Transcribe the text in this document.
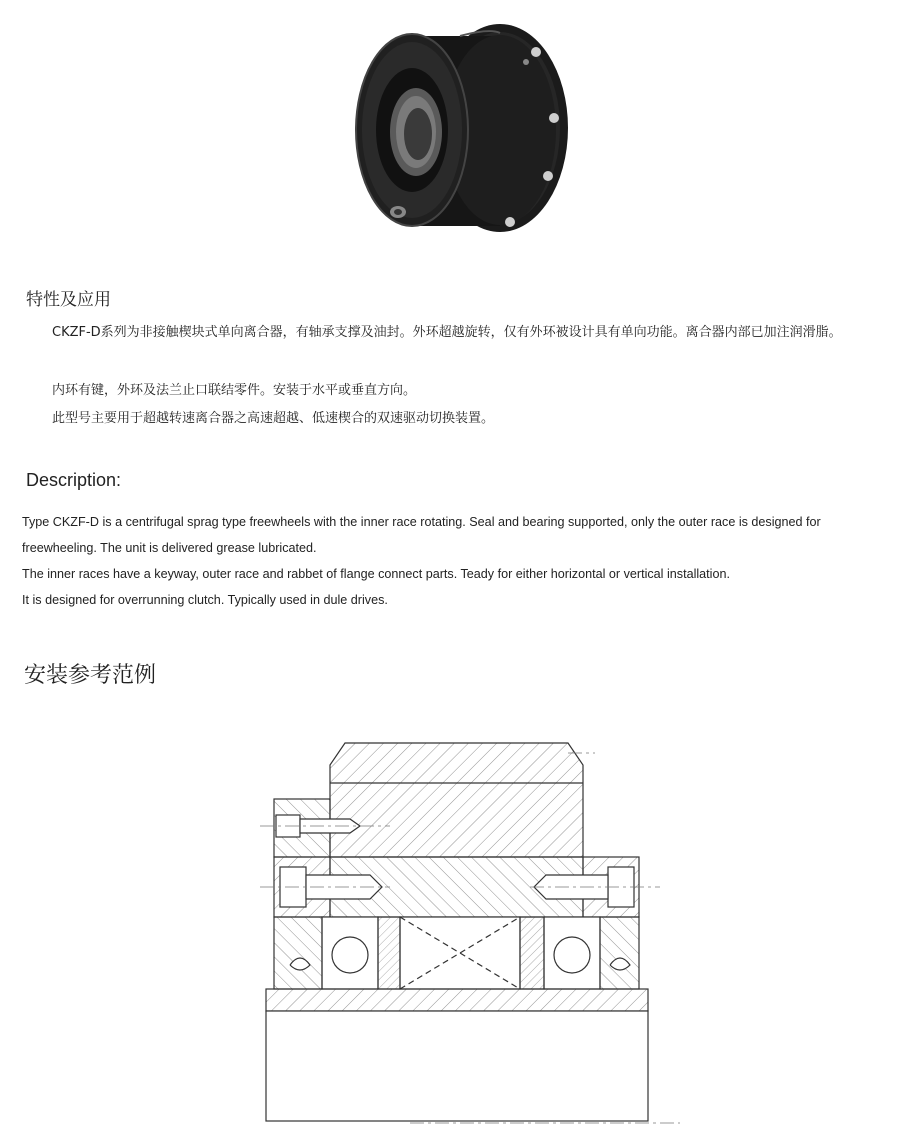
特性及应用

CKZF-D系列为非接触楔块式单向离合器，有轴承支撑及油封。外环超越旋转，仅有外环被设计具有单向功能。离合器内部已加注润滑脂。

内环有键，外环及法兰止口联结零件。安装于水平或垂直方向。

此型号主要用于超越转速离合器之高速超越、低速楔合的双速驱动切换装置。

Description:

Type CKZF-D is a centrifugal sprag type freewheels with the inner race rotating. Seal and bearing supported, only the outer race is designed for freewheeling. The unit is delivered grease lubricated.

The inner races have a keyway, outer race and rabbet of flange connect parts. Teady for either horizontal or vertical installation.

It is designed for overrunning clutch. Typically used in dule drives.

安装参考范例
